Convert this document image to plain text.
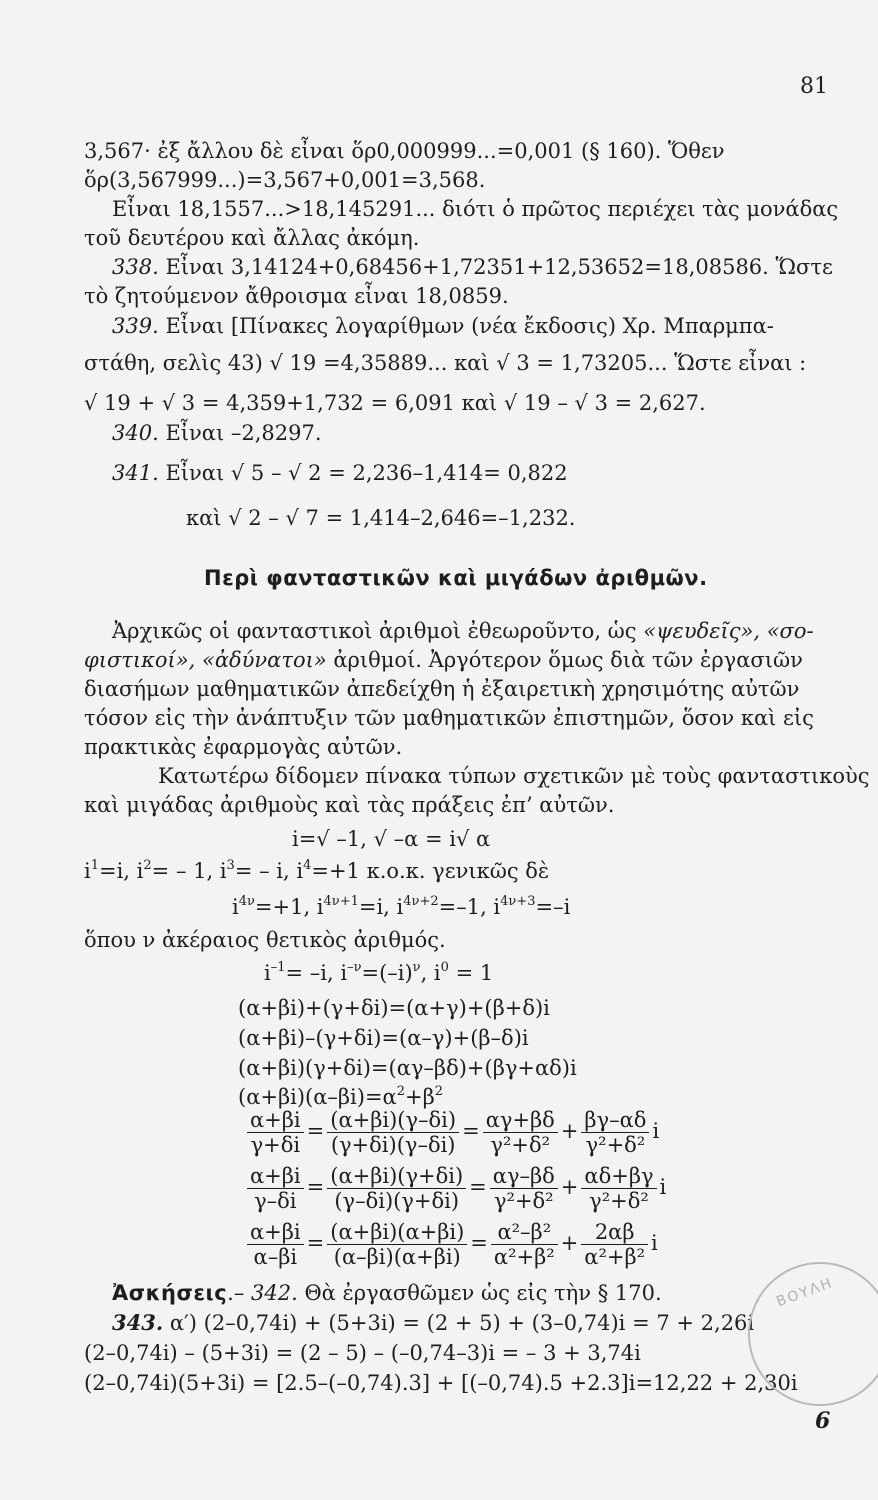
81
3,567· ἐξ ἄλλου δὲ εἶναι ὅρ0,000999...=0,001 (§ 160). Ὅθεν
ὅρ(3,567999...)=3,567+0,001=3,568.
Εἶναι 18,1557...>18,145291... διότι ὁ πρῶτος περιέχει τὰς μονάδας
τοῦ δευτέρου καὶ ἄλλας ἀκόμη.
338. Εἶναι 3,14124+0,68456+1,72351+12,53652=18,08586. Ὥστε
τὸ ζητούμενον ἄθροισμα εἶναι 18,0859.
339. Εἶναι [Πίνακες λογαρίθμων (νέα ἔκδοσις) Χρ. Μπαρμπα-
στάθη, σελὶς 43) √ 19 =4,35889... καὶ √ 3 = 1,73205... Ὥστε εἶναι :
√ 19 + √ 3 = 4,359+1,732 = 6,091 καὶ √ 19 – √ 3 = 2,627.
340. Εἶναι –2,8297.
341. Εἶναι √ 5 – √ 2 = 2,236–1,414= 0,822
καὶ √ 2 – √ 7 = 1,414–2,646=–1,232.
Περὶ φανταστικῶν καὶ μιγάδων ἀριθμῶν.
Ἀρχικῶς οἱ φανταστικοὶ ἀριθμοὶ ἐθεωροῦντο, ὡς «ψευδεῖς», «σο-
φιστικοί», «ἀδύνατοι» ἀριθμοί. Ἀργότερον ὅμως διὰ τῶν ἐργασιῶν
διασήμων μαθηματικῶν ἀπεδείχθη ἡ ἐξαιρετικὴ χρησιμότης αὐτῶν
τόσον εἰς τὴν ἀνάπτυξιν τῶν μαθηματικῶν ἐπιστημῶν, ὅσον καὶ εἰς
πρακτικὰς ἐφαρμογὰς αὐτῶν.
Κατωτέρω δίδομεν πίνακα τύπων σχετικῶν μὲ τοὺς φανταστικοὺς
καὶ μιγάδας ἀριθμοὺς καὶ τὰς πράξεις ἐπ’ αὐτῶν.
i=√ –1, √ –α = i√ α
$i^1=i$, $i^2= - 1$, $i^3= - i$, $i^4=+1$ κ.ο.κ. γενικῶς δὲ
$i^{4\nu}=+1$, $i^{4\nu+1}=i$, $i^{4\nu+2}=-1$, $i^{4\nu+3}=-i$
ὅπου ν ἀκέραιος θετικὸς ἀριθμός.
$i^{-1}= -i$, $i^{-\nu}=(-i)^\nu$, $i^0 = 1$
(α+βi)+(γ+δi)=(α+γ)+(β+δ)i
(α+βi)–(γ+δi)=(α–γ)+(β–δ)i
(α+βi)(γ+δi)=(αγ–βδ)+(βγ+αδ)i
$(\alpha+\beta i)(\alpha-\beta i)=\alpha^2+\beta^2$
$\frac{\alpha+\beta i}{\gamma+\delta i} = \frac{(\alpha+\beta i)(\gamma-\delta i)}{(\gamma+\delta i)(\gamma-\delta i)} = \frac{\alpha\gamma+\beta\delta}{\text{γ²+δ²}} + \frac{\beta\gamma-\alpha\delta}{\text{γ²+δ²}}$ i
$\frac{\alpha+\beta i}{\gamma-\delta i} = \frac{(\alpha+\beta i)(\gamma+\delta i)}{(\gamma-\delta i)(\gamma+\delta i)} = \frac{\alpha\gamma-\beta\delta}{\text{γ²+δ²}} + \frac{\alpha\delta+\beta\gamma}{\text{γ²+δ²}}$ i
$\frac{\alpha+\beta i}{\alpha-\beta i} = \frac{(\alpha+\beta i)(\alpha+\beta i)}{(\alpha-\beta i)(\alpha+\beta i)} = \frac{\text{α²–β²}}{\text{α²+β²}} + \frac{2\alpha\beta}{\text{α²+β²}}$ i
Ἀσκήσεις.– 342. Θὰ ἐργασθῶμεν ὡς εἰς τὴν § 170.
343. α′) (2–0,74i) + (5+3i) = (2 + 5) + (3–0,74)i = 7 + 2,26i
(2–0,74i) – (5+3i) = (2 – 5) – (–0,74–3)i = – 3 + 3,74i
(2–0,74i)(5+3i) = [2.5–(–0,74).3] + [(–0,74).5 +2.3]i=12,22 + 2,30i
ΒΟΥΛΗ
6
